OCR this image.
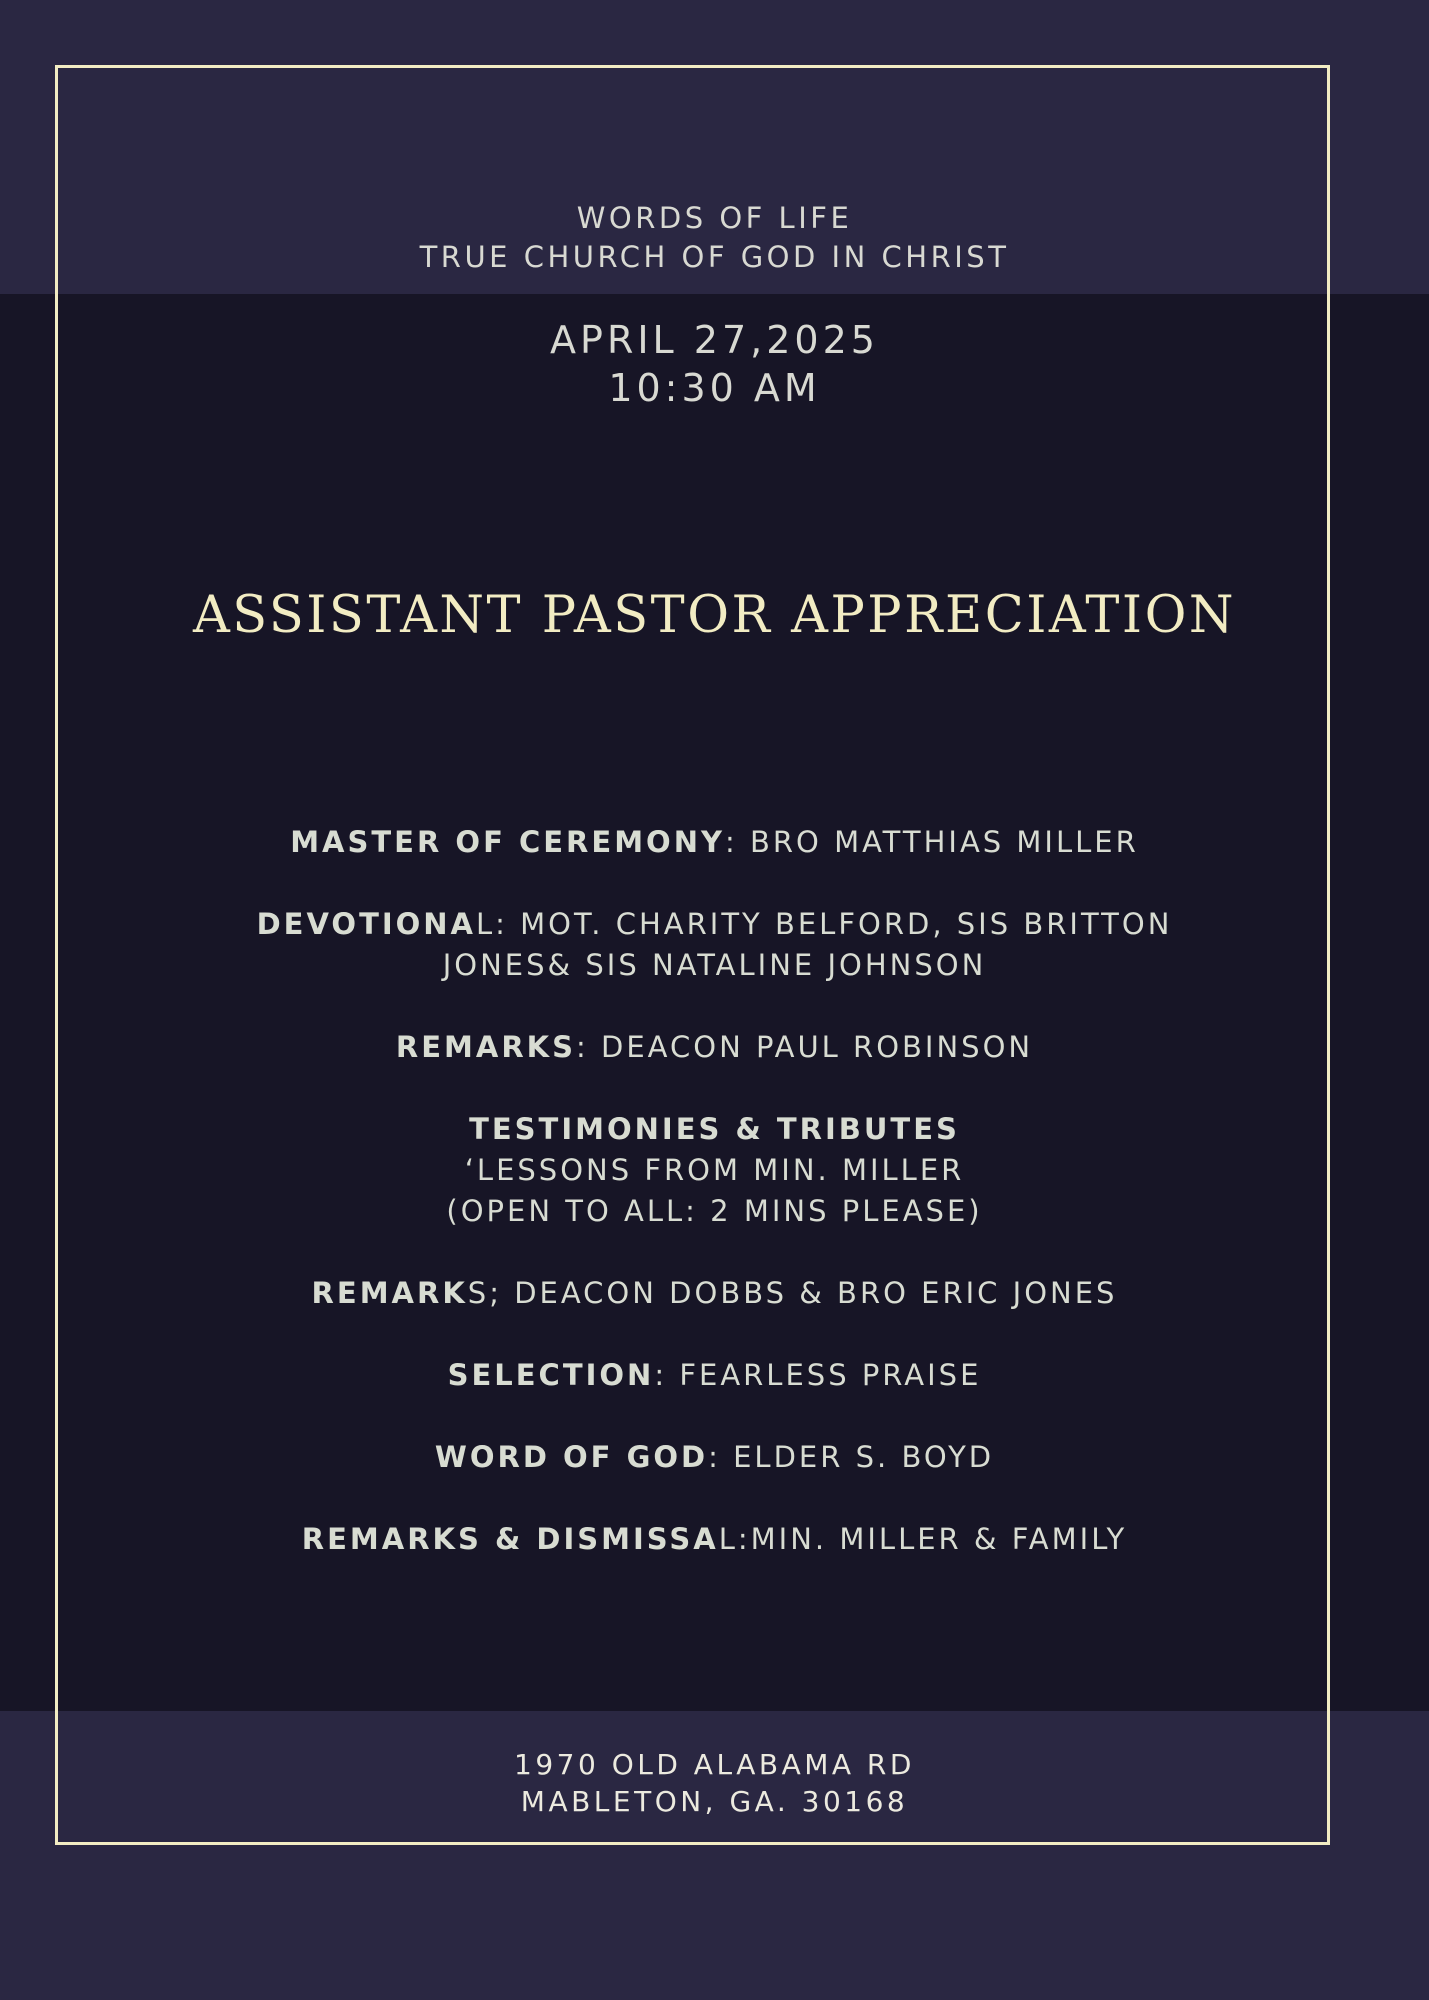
WORDS OF LIFE
TRUE CHURCH OF GOD IN CHRIST
APRIL 27,2025
10:30 AM
ASSISTANT PASTOR APPRECIATION
MASTER OF CEREMONY: BRO MATTHIAS MILLER
DEVOTIONAL: MOT. CHARITY BELFORD, SIS BRITTON
JONES& SIS NATALINE JOHNSON
REMARKS: DEACON PAUL ROBINSON
TESTIMONIES & TRIBUTES
‘LESSONS FROM MIN. MILLER
(OPEN TO ALL: 2 MINS PLEASE)
REMARKS; DEACON DOBBS & BRO ERIC JONES
SELECTION: FEARLESS PRAISE
WORD OF GOD: ELDER S. BOYD
REMARKS & DISMISSAL:MIN. MILLER & FAMILY
1970 OLD ALABAMA RD
MABLETON, GA. 30168
